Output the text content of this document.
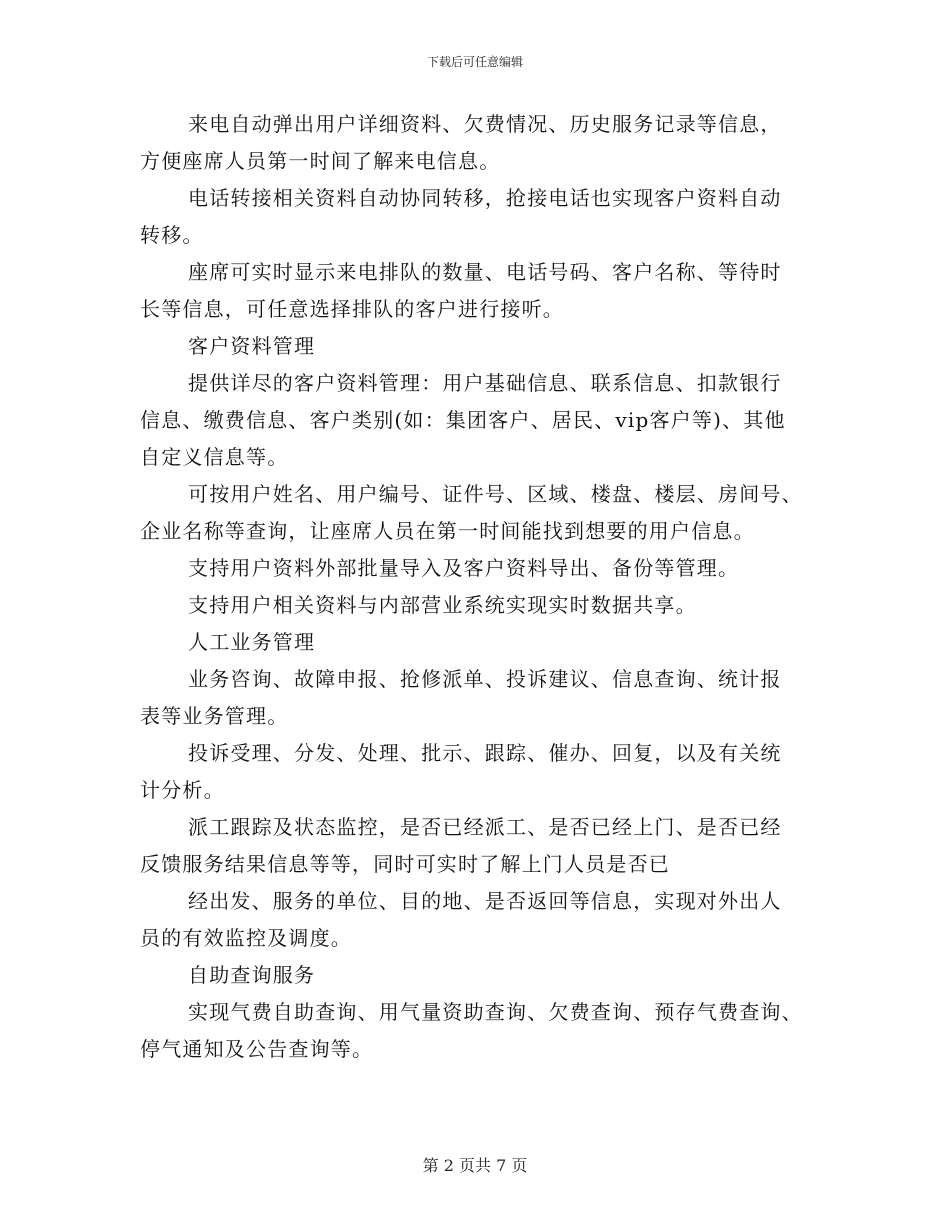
下载后可任意编辑

来电自动弹出用户详细资料、欠费情况、历史服务记录等信息，
方便座席人员第一时间了解来电信息。

电话转接相关资料自动协同转移，抢接电话也实现客户资料自动
转移。

座席可实时显示来电排队的数量、电话号码、客户名称、等待时
长等信息，可任意选择排队的客户进行接听。

客户资料管理

提供详尽的客户资料管理：用户基础信息、联系信息、扣款银行
信息、缴费信息、客户类别(如：集团客户、居民、vip客户等)、其他
自定义信息等。

可按用户姓名、用户编号、证件号、区域、楼盘、楼层、房间号、
企业名称等查询，让座席人员在第一时间能找到想要的用户信息。

支持用户资料外部批量导入及客户资料导出、备份等管理。

支持用户相关资料与内部营业系统实现实时数据共享。

人工业务管理

业务咨询、故障申报、抢修派单、投诉建议、信息查询、统计报
表等业务管理。

投诉受理、分发、处理、批示、跟踪、催办、回复，以及有关统
计分析。

派工跟踪及状态监控，是否已经派工、是否已经上门、是否已经
反馈服务结果信息等等，同时可实时了解上门人员是否已

经出发、服务的单位、目的地、是否返回等信息，实现对外出人
员的有效监控及调度。

自助查询服务

实现气费自助查询、用气量资助查询、欠费查询、预存气费查询、
停气通知及公告查询等。

第 2 页共 7 页
